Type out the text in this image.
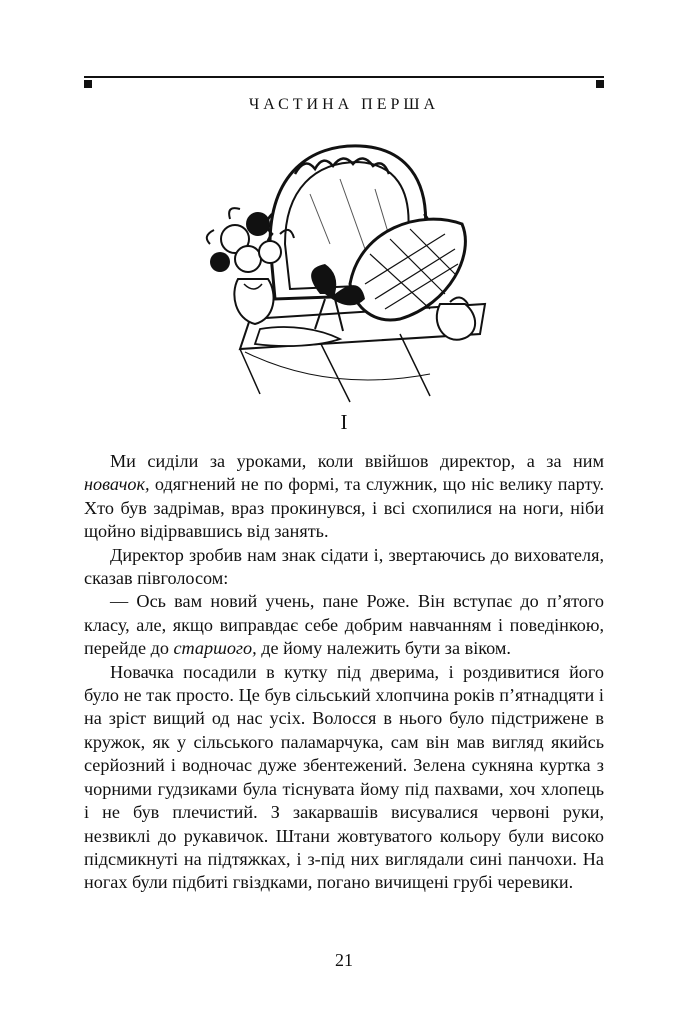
ЧАСТИНА ПЕРША
I

Ми сиділи за уроками, коли ввійшов директор, а за ним новачок, одягнений не по формі, та служник, що ніс велику парту. Хто був задрімав, враз прокинувся, і всі схопилися на ноги, ніби щойно відірвавшись від занять.

Директор зробив нам знак сідати і, звертаючись до вихователя, сказав півголосом:

— Ось вам новий учень, пане Роже. Він вступає до п’ятого класу, але, якщо виправдає себе добрим навчанням і поведінкою, перейде до старшого, де йому належить бути за віком.

Новачка посадили в кутку під дверима, і роздивитися його було не так просто. Це був сільський хлопчина років п’ятнадцяти і на зріст вищий од нас усіх. Волосся в нього було підстрижене в кружок, як у сільського паламарчука, сам він мав вигляд якийсь серйозний і водночас дуже збентежений. Зелена сукняна куртка з чорними гудзиками була тіснувата йому під пахвами, хоч хлопець і не був плечистий. З закарвашів висувалися червоні руки, незвиклі до рукавичок. Штани жовтуватого кольору були високо підсмикнуті на підтяжках, і з-під них виглядали сині панчохи. На ногах були підбиті гвіздками, погано вичищені грубі черевики.

21
